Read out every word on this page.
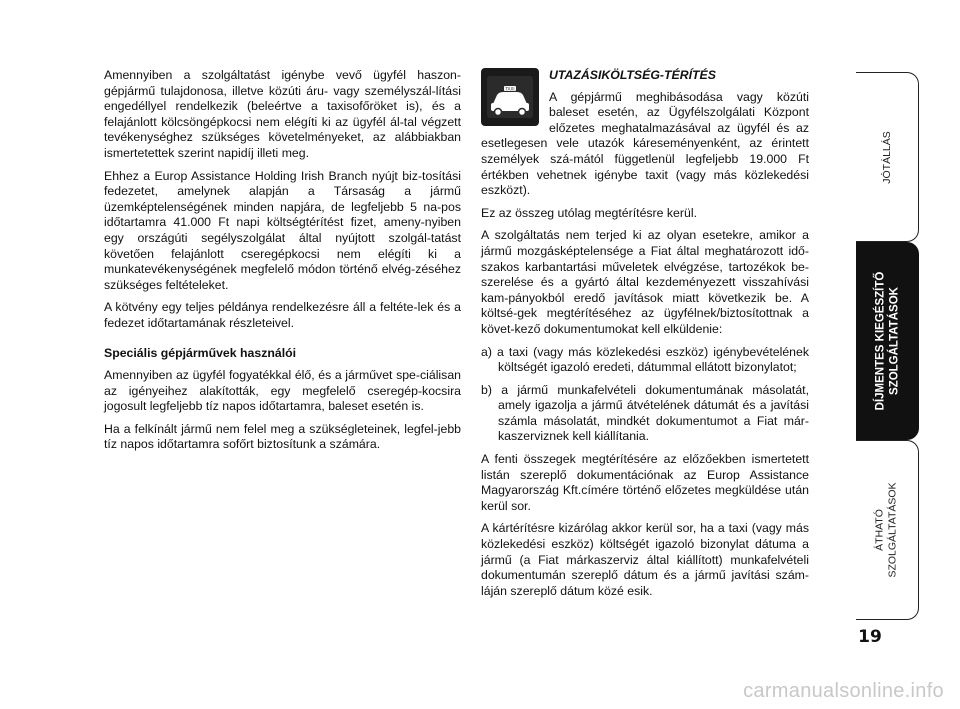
Amennyiben a szolgáltatást igénybe vevő ügyfél haszon-gépjármű tulajdonosa, illetve közúti áru- vagy személyszál-lítási engedéllyel rendelkezik (beleértve a taxisofőröket is), és a felajánlott kölcsöngépkocsi nem elégíti ki az ügyfél ál-tal végzett tevékenységhez szükséges követelményeket, az alábbiakban ismertetettek szerint napidíj illeti meg.

Ehhez a Europ Assistance Holding Irish Branch nyújt biz-tosítási fedezetet, amelynek alapján a Társaság a jármű üzemképtelenségének minden napjára, de legfeljebb 5 na-pos időtartamra 41.000 Ft napi költségtérítést fizet, ameny-nyiben egy országúti segélyszolgálat által nyújtott szolgál-tatást követően felajánlott cseregépkocsi nem elégíti ki a munkatevékenységének megfelelő módon történő elvég-zéséhez szükséges feltételeket.

A kötvény egy teljes példánya rendelkezésre áll a feltéte-lek és a fedezet időtartamának részleteivel.

Speciális gépjárművek használói

Amennyiben az ügyfél fogyatékkal élő, és a járművet spe-ciálisan az igényeihez alakították, egy megfelelő cseregép-kocsira jogosult legfeljebb tíz napos időtartamra, baleset esetén is.

Ha a felkínált jármű nem felel meg a szükségleteinek, legfel-jebb tíz napos időtartamra sofőrt biztosítunk a számára.

TAXI

UTAZÁSIKÖLTSÉG-TÉRÍTÉS

A gépjármű meghibásodása vagy közúti baleset esetén, az Ügyfélszolgálati Központ előzetes meghatalmazásával az ügyfél és az esetlegesen vele utazók káreseményenként, az érintett személyek szá-mától függetlenül legfeljebb 19.000 Ft értékben vehetnek igénybe taxit (vagy más közlekedési eszközt).

Ez az összeg utólag megtérítésre kerül.

A szolgáltatás nem terjed ki az olyan esetekre, amikor a jármű mozgásképtelensége a Fiat által meghatározott idő-szakos karbantartási műveletek elvégzése, tartozékok be-szerelése és a gyártó által kezdeményezett visszahívási kam-pányokból eredő javítások miatt következik be. A költsé-gek megtérítéséhez az ügyfélnek/biztosítottnak a követ-kező dokumentumokat kell elküldenie:

a) a taxi (vagy más közlekedési eszköz) igénybevételének költségét igazoló eredeti, dátummal ellátott bizonylatot;

b) a jármű munkafelvételi dokumentumának másolatát, amely igazolja a jármű átvételének dátumát és a javítási számla másolatát, mindkét dokumentumot a Fiat már-kaszerviznek kell kiállítania.

A fenti összegek megtérítésére az előzőekben ismertetett listán szereplő dokumentációnak az Europ Assistance Magyarország Kft.címére történő előzetes megküldése után kerül sor.

A kártérítésre kizárólag akkor kerül sor, ha a taxi (vagy más közlekedési eszköz) költségét igazoló bizonylat dátuma a jármű (a Fiat márkaszerviz által kiállított) munkafelvételi dokumentumán szereplő dátum és a jármű javítási szám-láján szereplő dátum közé esik.

JÓTÁLLÁS
DÍJMENTES KIEGÉSZÍTŐ SZOLGÁLTATÁSOK
ÁTHATÓ SZOLGÁLTATÁSOK
19
carmanualsonline.info
